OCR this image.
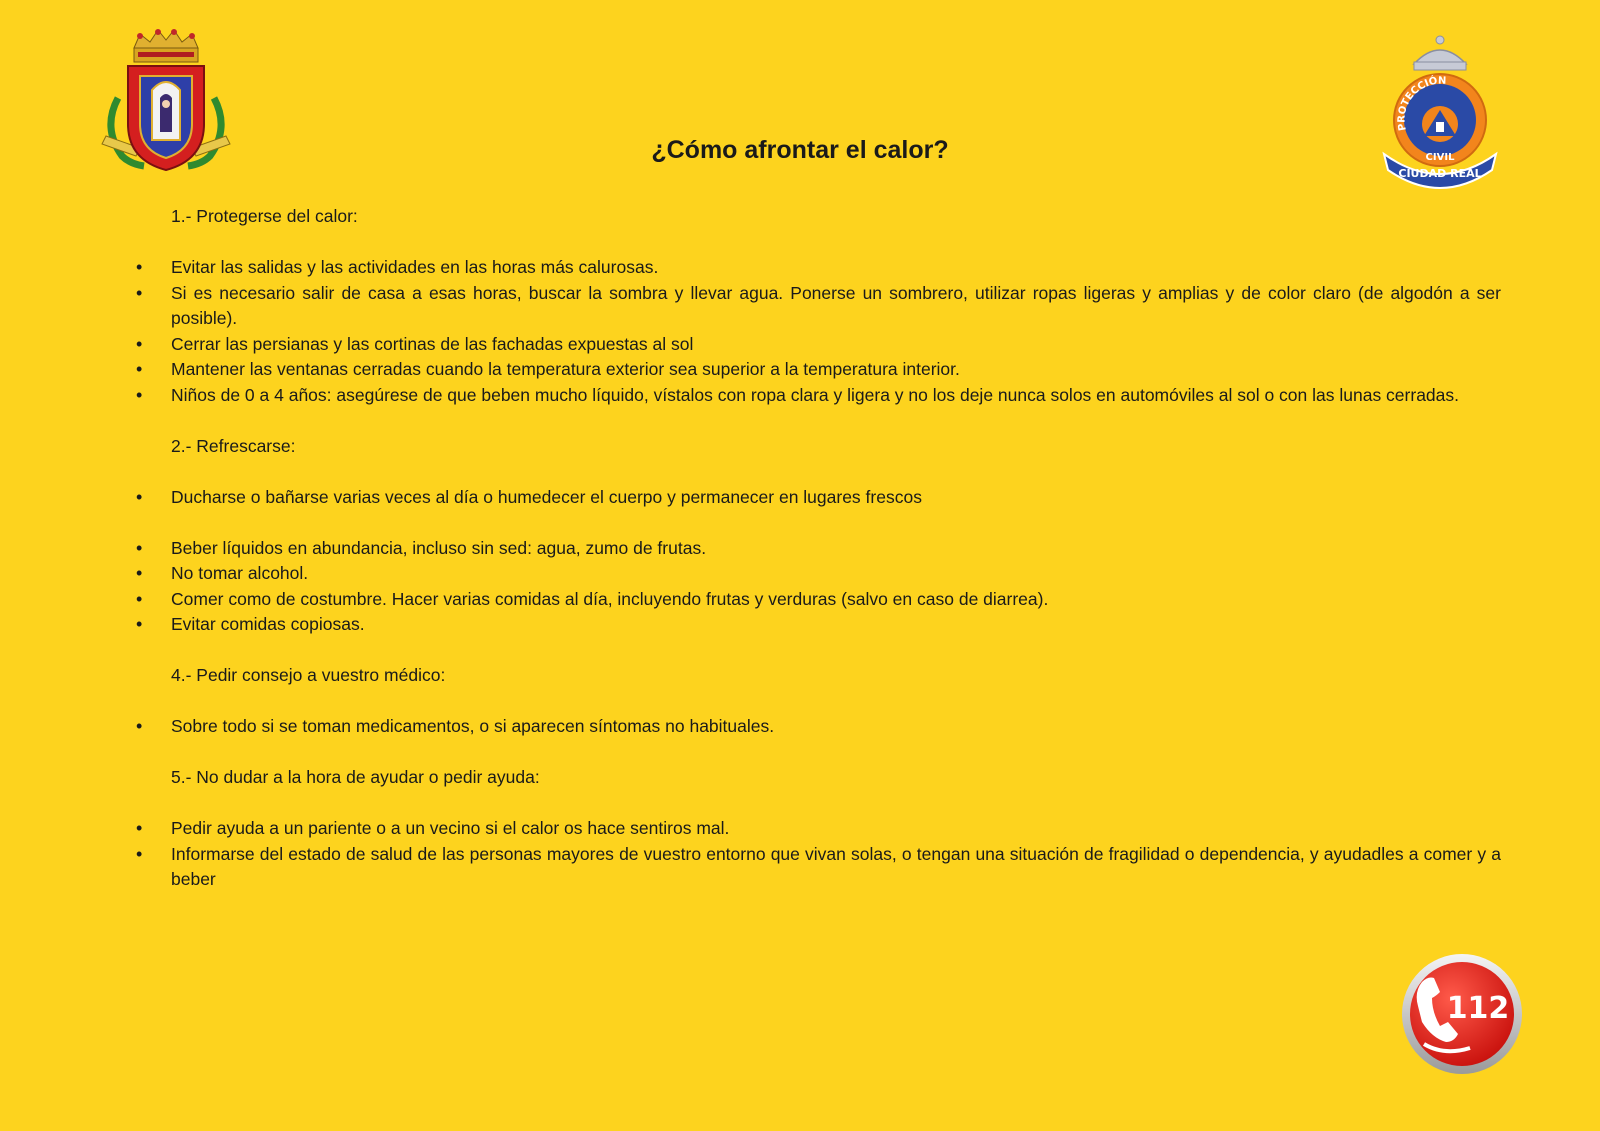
PROTECCIÓN
CIVIL
CIUDAD REAL
¿Cómo afrontar el calor?

1.- Protegerse del calor:

• Evitar las salidas y las actividades en las horas más calurosas.
• Si es necesario salir de casa a esas horas, buscar la sombra y llevar agua. Ponerse un sombrero, utilizar ropas ligeras y amplias y de color claro (de algodón a ser posible).
• Cerrar las persianas y las cortinas de las fachadas expuestas al sol
• Mantener las ventanas cerradas cuando la temperatura exterior sea superior a la temperatura interior.
• Niños de 0 a 4 años: asegúrese de que beben mucho líquido, vístalos con ropa clara y ligera y no los deje nunca solos en automóviles al sol o con las lunas cerradas.

2.- Refrescarse:

• Ducharse o bañarse varias veces al día o humedecer el cuerpo y permanecer en lugares frescos
• Beber líquidos en abundancia, incluso sin sed: agua, zumo de frutas.
• No tomar alcohol.
• Comer como de costumbre. Hacer varias comidas al día, incluyendo frutas y verduras (salvo en caso de diarrea).
• Evitar comidas copiosas.

4.- Pedir consejo a vuestro médico:

• Sobre todo si se toman medicamentos, o si aparecen síntomas no habituales.

5.- No dudar a la hora de ayudar o pedir ayuda:

• Pedir ayuda a un pariente o a un vecino si el calor os hace sentiros mal.
• Informarse del estado de salud de las personas mayores de vuestro entorno que vivan solas, o tengan una situación de fragilidad o dependencia, y ayudadles a comer y a beber
112
